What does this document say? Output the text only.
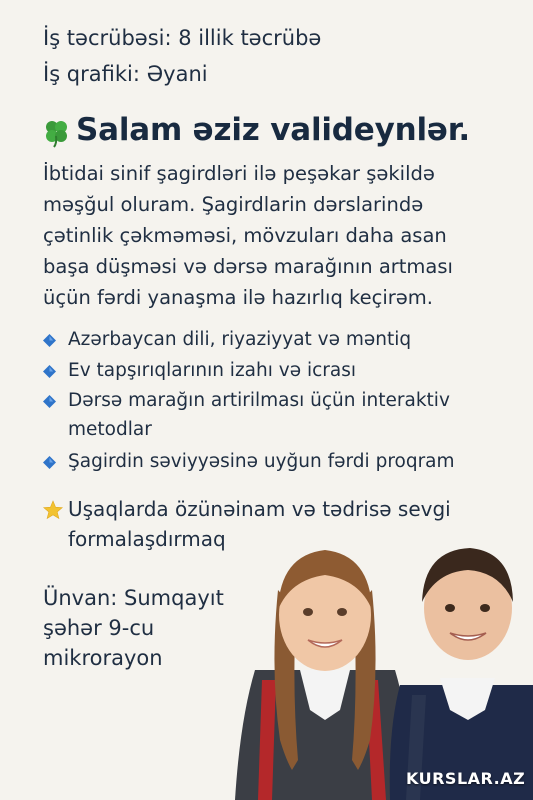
İş təcrübəsi: 8 illik təcrübə
İş qrafiki: Əyani
Salam əziz valideynlər.
İbtidai sinif şagirdləri ilə peşəkar şəkildə
məşğul oluram. Şagirdlarin dərslarində
çətinlik çəkməməsi, mövzuları daha asan
başa düşməsi və dərsə marağının artması
üçün fərdi yanaşma ilə hazırlıq keçirəm.
Azərbaycan dili, riyaziyyat və məntiq
Ev tapşırıqlarının izahı və icrası
Dərsə marağın artirilması üçün interaktiv
metodlar
Şagirdin səviyyəsinə uyğun fərdi proqram
Uşaqlarda özünəinam və tədrisə sevgi
formalaşdırmaq
Ünvan: Sumqayıt
şəhər 9-cu
mikrorayon
KURSLAR.AZ
